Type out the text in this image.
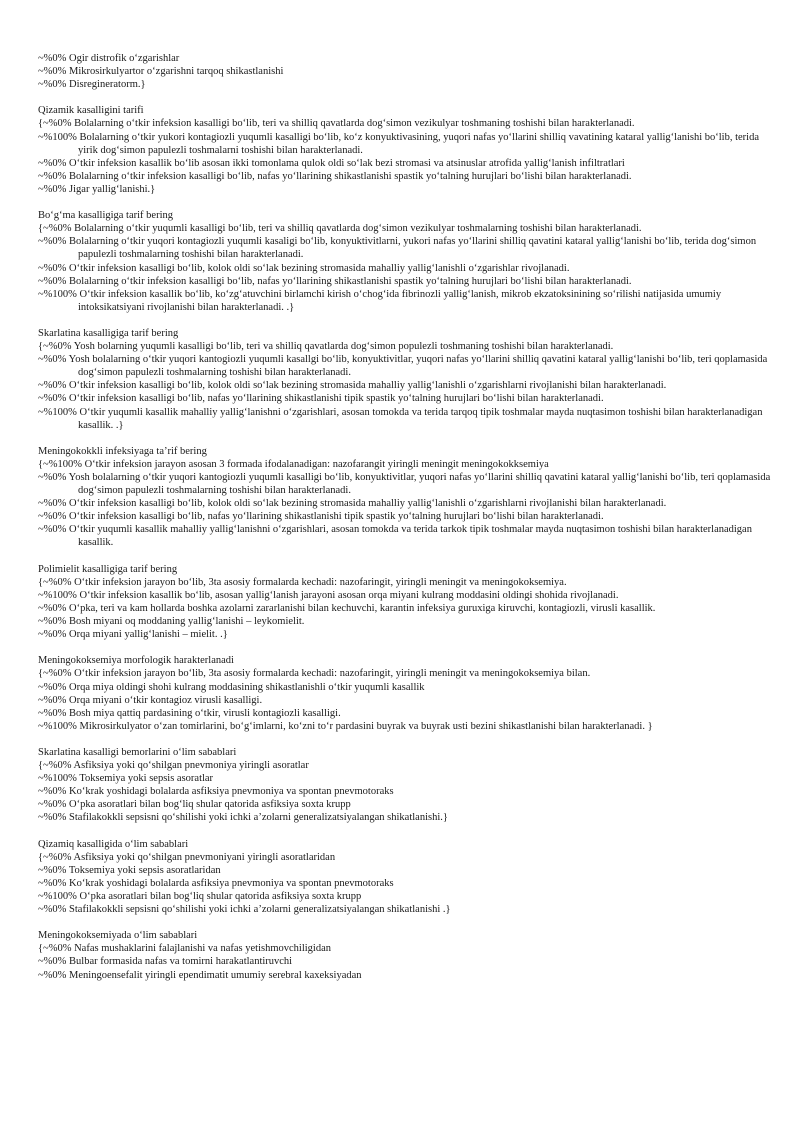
~%0% Ogir distrofik o‘zgarishlar

~%0% Mikrosirkulyartor o‘zgarishni tarqoq shikastlanishi

~%0% Disregineratorm.}

Qizamik kasalligini tarifi

{~%0% Bolalarning o‘tkir infeksion kasalligi bo‘lib, teri va shilliq qavatlarda dog‘simon vezikulyar toshmaning toshishi bilan harakterlanadi.

~%100% Bolalarning o‘tkir yukori kontagiozli yuqumli kasalligi bo‘lib, ko‘z konyuktivasining, yuqori nafas yo‘llarini shilliq vavatining kataral yallig‘lanishi bo‘lib, terida yirik dog‘simon papulezli toshmalarni toshishi bilan harakterlanadi.

~%0% O‘tkir infeksion kasallik bo‘lib asosan ikki tomonlama qulok oldi so‘lak bezi stromasi va atsinuslar atrofida yallig‘lanish infiltratlari

~%0% Bolalarning o‘tkir infeksion kasalligi bo‘lib, nafas yo‘llarining shikastlanishi spastik yo‘talning hurujlari bo‘lishi bilan harakterlanadi.

~%0% Jigar yallig‘lanishi.}

Bo‘g‘ma kasalligiga tarif bering

{~%0% Bolalarning o‘tkir yuqumli kasalligi bo‘lib, teri va shilliq qavatlarda dog‘simon vezikulyar toshmalarning toshishi bilan harakterlanadi.

~%0% Bolalarning o‘tkir yuqori kontagiozli yuqumli kasaligi bo‘lib, konyuktivitlarni, yukori nafas yo‘llarini shilliq qavatini kataral yallig‘lanishi bo‘lib, terida dog‘simon papulezli toshmalarning toshishi bilan harakterlanadi.

~%0% O‘tkir infeksion kasalligi bo‘lib, kolok oldi so‘lak bezining stromasida mahalliy yallig‘lanishli o‘zgarishlar rivojlanadi.

~%0% Bolalarning o‘tkir infeksion kasalligi bo‘lib, nafas yo‘llarining shikastlanishi spastik yo‘talning hurujlari bo‘lishi bilan harakterlanadi.

~%100% O‘tkir infeksion kasallik bo‘lib, ko‘zg‘atuvchini birlamchi kirish o‘chog‘ida fibrinozli yallig‘lanish, mikrob ekzatoksinining so‘rilishi natijasida umumiy intoksikatsiyani rivojlanishi bilan harakterlanadi. .}

Skarlatina kasalligiga tarif bering

{~%0% Yosh bolarning yuqumli kasalligi bo‘lib, teri va shilliq qavatlarda dog‘simon populezli toshmaning toshishi bilan harakterlanadi.

~%0% Yosh bolalarning o‘tkir yuqori kantogiozli yuqumli kasallgi bo‘lib, konyuktivitlar, yuqori nafas yo‘llarini shilliq qavatini kataral yallig‘lanishi bo‘lib, teri qoplamasida dog‘simon papulezli toshmalarning toshishi bilan harakterlanadi.

~%0% O‘tkir infeksion kasalligi bo‘lib, kolok oldi so‘lak bezining stromasida mahalliy yallig‘lanishli o‘zgarishlarni rivojlanishi bilan harakterlanadi.

~%0% O‘tkir infeksion kasalligi bo‘lib, nafas yo‘llarining shikastlanishi tipik spastik yo‘talning hurujlari bo‘lishi bilan harakterlanadi.

~%100% O‘tkir yuqumli kasallik mahalliy yallig‘lanishni o‘zgarishlari, asosan tomokda va terida tarqoq tipik toshmalar mayda nuqtasimon toshishi bilan harakterlanadigan kasallik. .}

Meningokokkli infeksiyaga ta’rif bering

{~%100% O‘tkir infeksion jarayon asosan 3 formada ifodalanadigan: nazofarangit yiringli meningit meningokokksemiya

~%0% Yosh bolalarning o‘tkir yuqori kantogiozli yuqumli kasalligi bo‘lib, konyuktivitlar, yuqori nafas yo‘llarini shilliq qavatini kataral yallig‘lanishi bo‘lib, teri qoplamasida dog‘simon papulezli toshmalarning toshishi bilan harakterlanadi.

~%0% O‘tkir infeksion kasalligi bo‘lib, kolok oldi so‘lak bezining stromasida mahalliy yallig‘lanishli o‘zgarishlarni rivojlanishi bilan harakterlanadi.

~%0% O‘tkir infeksion kasalligi bo‘lib, nafas yo‘llarining shikastlanishi tipik spastik yo‘talning hurujlari bo‘lishi bilan harakterlanadi.

~%0% O‘tkir yuqumli kasallik mahalliy yallig‘lanishni o‘zgarishlari, asosan tomokda va terida tarkok tipik toshmalar mayda nuqtasimon toshishi bilan harakterlanadigan kasallik.

Polimielit kasalligiga tarif bering

{~%0% O‘tkir infeksion jarayon bo‘lib, 3ta asosiy formalarda kechadi: nazofaringit, yiringli meningit va meningokoksemiya.

~%100% O‘tkir infeksion kasallik bo‘lib, asosan yallig‘lanish jarayoni asosan orqa miyani kulrang moddasini oldingi shohida rivojlanadi.

~%0% O‘pka, teri va kam hollarda boshka azolarni zararlanishi bilan kechuvchi, karantin infeksiya guruxiga kiruvchi, kontagiozli, virusli kasallik.

~%0% Bosh miyani oq moddaning yallig‘lanishi – leykomielit.

~%0% Orqa miyani yallig‘lanishi – mielit. .}

Meningokoksemiya morfologik harakterlanadi

{~%0% O‘tkir infeksion jarayon bo‘lib, 3ta asosiy formalarda kechadi: nazofaringit, yiringli meningit va meningokoksemiya bilan.

~%0% Orqa miya oldingi shohi kulrang moddasining shikastlanishli o‘tkir yuqumli kasallik

~%0% Orqa miyani o‘tkir kontagioz virusli kasalligi.

~%0% Bosh miya qattiq pardasining o‘tkir, virusli kontagiozli kasalligi.

~%100% Mikrosirkulyator o‘zan tomirlarini, bo‘g‘imlarni, ko‘zni to‘r pardasini buyrak va buyrak usti bezini shikastlanishi bilan harakterlanadi. }

Skarlatina kasalligi bemorlarini o‘lim sabablari

{~%0% Asfiksiya yoki qo‘shilgan pnevmoniya yiringli asoratlar

~%100% Toksemiya yoki sepsis asoratlar

~%0% Ko‘krak yoshidagi bolalarda asfiksiya pnevmoniya va spontan pnevmotoraks

~%0% O‘pka asoratlari bilan bog‘liq shular qatorida asfiksiya soxta krupp

~%0% Stafilakokkli sepsisni qo‘shilishi yoki ichki a’zolarni generalizatsiyalangan shikatlanishi.}

Qizamiq kasalligida o‘lim sabablari

{~%0% Asfiksiya yoki qo‘shilgan pnevmoniyani yiringli asoratlaridan

~%0% Toksemiya yoki sepsis asoratlaridan

~%0% Ko‘krak yoshidagi bolalarda asfiksiya pnevmoniya va spontan pnevmotoraks

~%100% O‘pka asoratlari bilan bog‘liq shular qatorida asfiksiya soxta krupp

~%0% Stafilakokkli sepsisni qo‘shilishi yoki ichki a’zolarni generalizatsiyalangan shikatlanishi .}

Meningokoksemiyada o‘lim sabablari

{~%0% Nafas mushaklarini falajlanishi va nafas yetishmovchiligidan

~%0% Bulbar formasida nafas va tomirni harakatlantiruvchi

~%0% Meningoensefalit yiringli ependimatit umumiy serebral kaxeksiyadan
